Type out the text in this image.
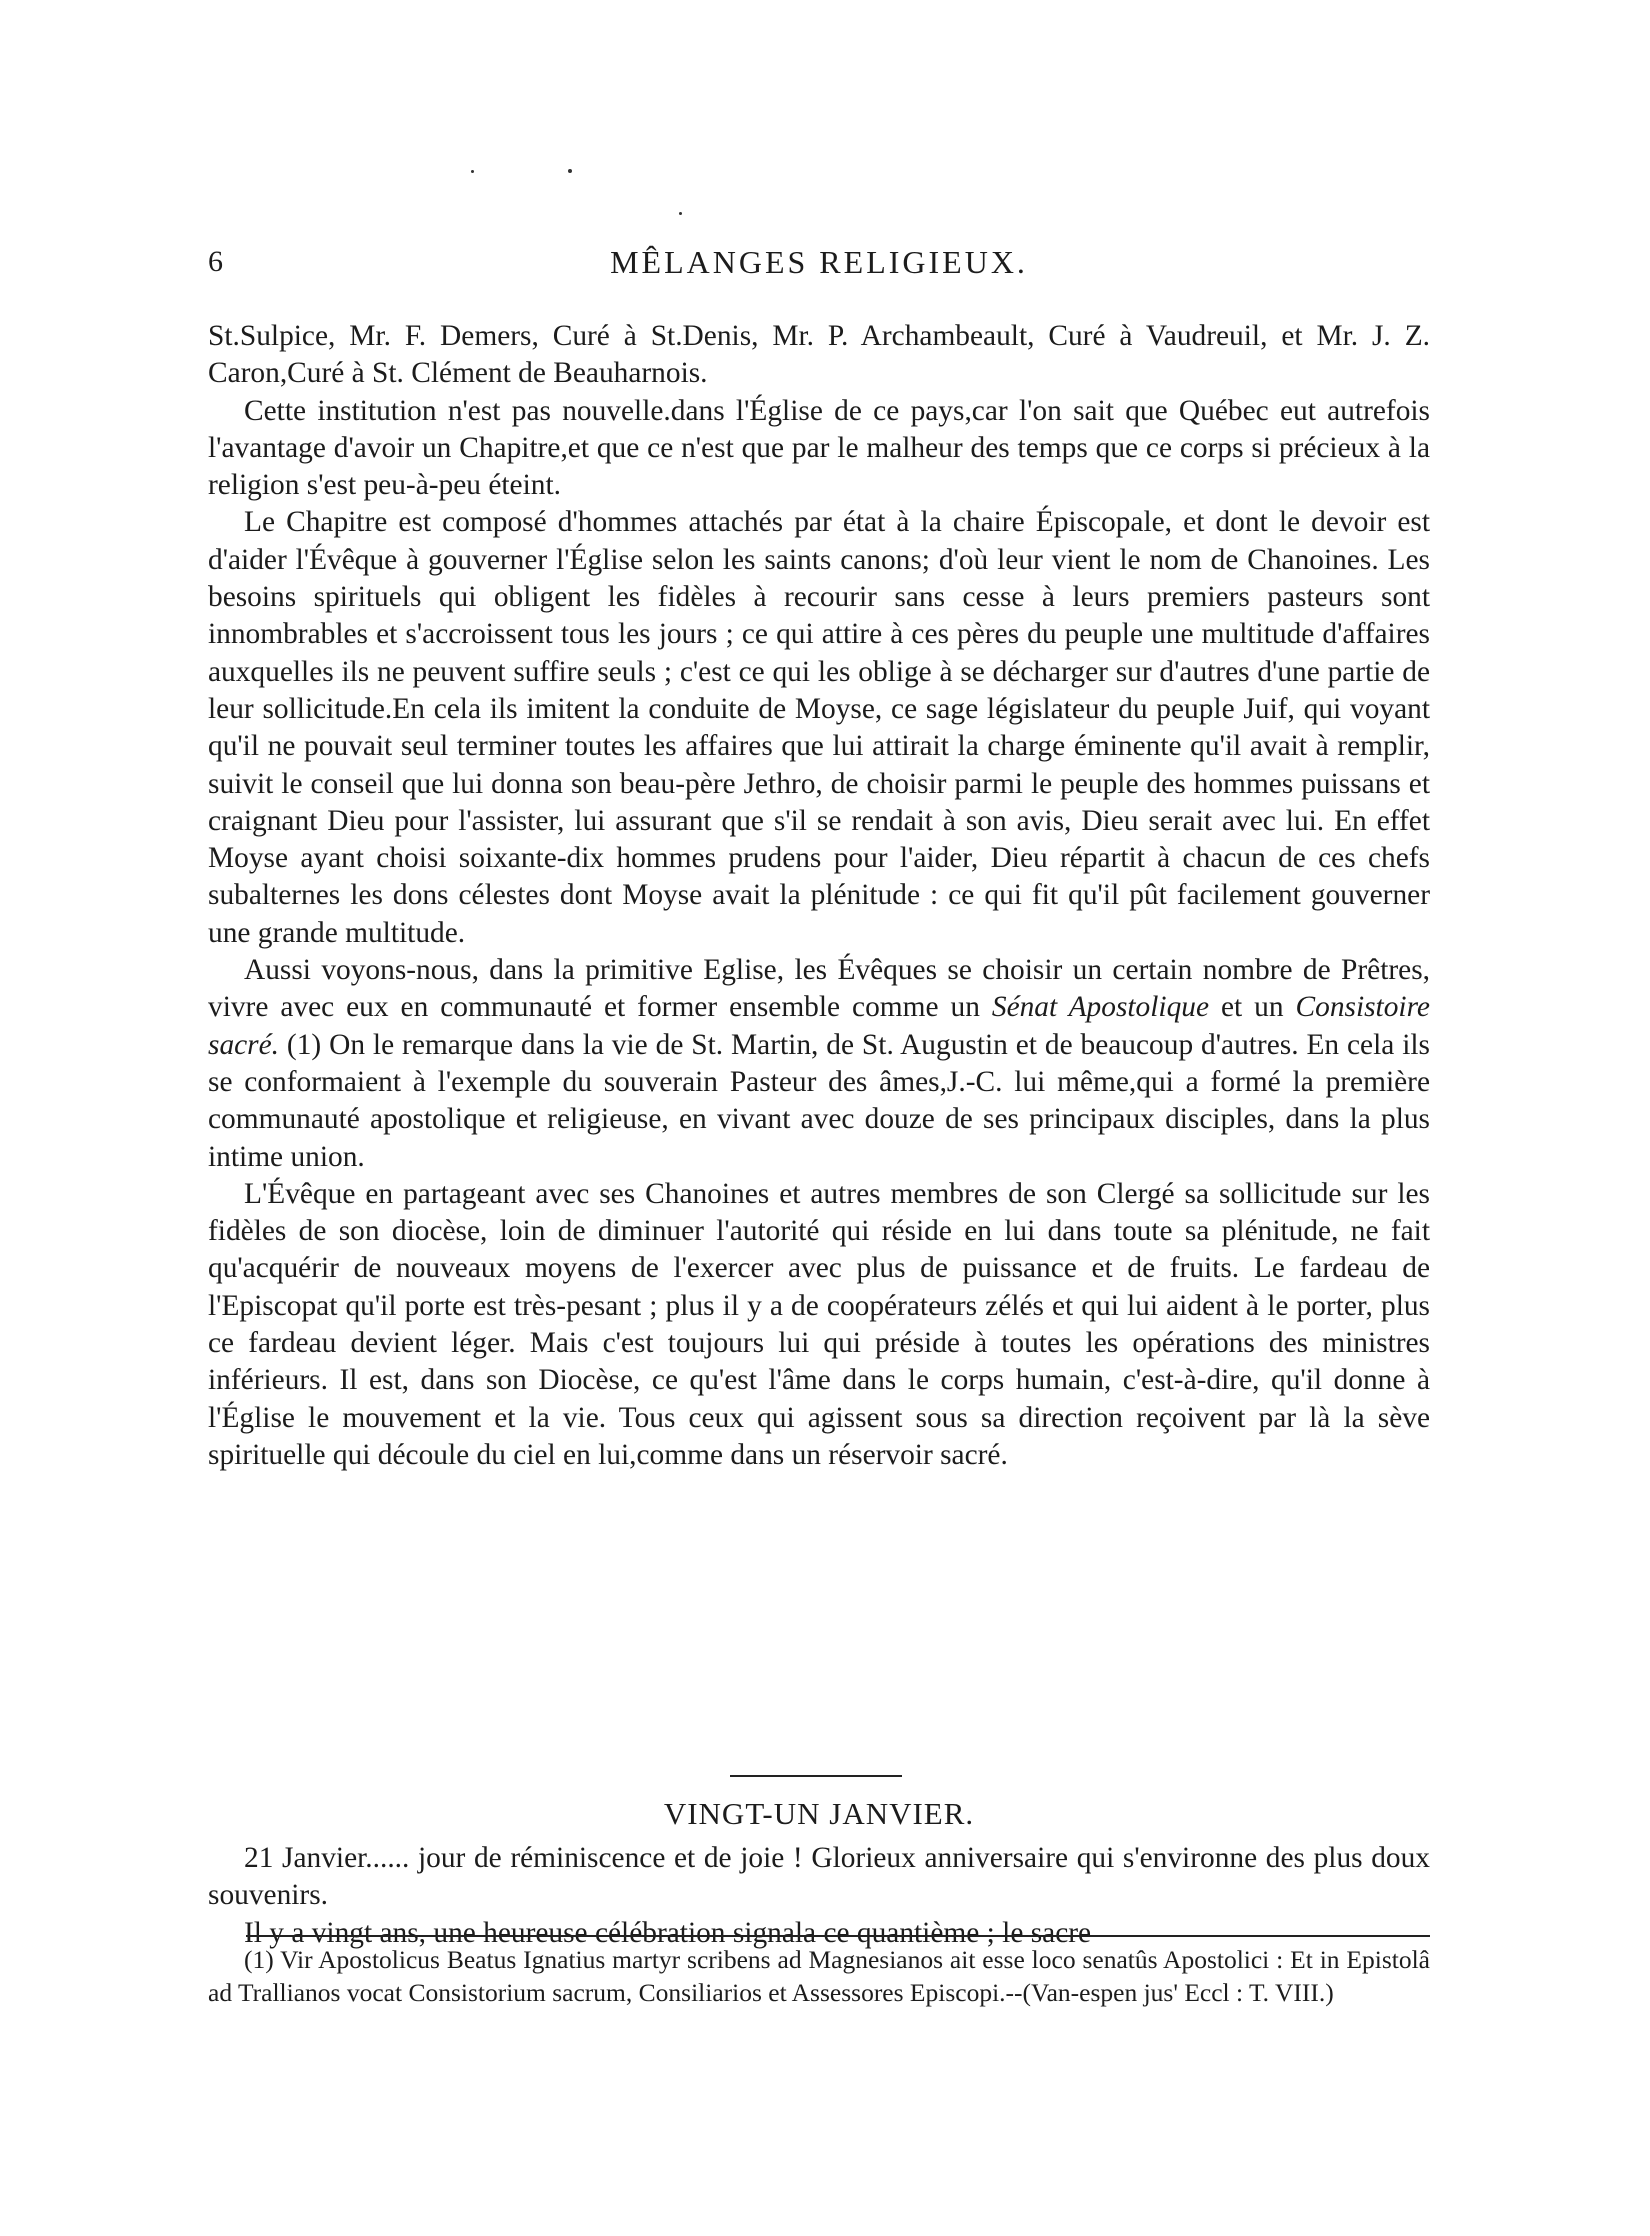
6	MÊLANGES RELIGIEUX.

St.Sulpice, Mr. F. Demers, Curé à St.Denis, Mr. P. Archambeault, Curé à Vaudreuil, et Mr. J. Z. Caron,Curé à St. Clément de Beauharnois.

Cette institution n'est pas nouvelle.dans l'Église de ce pays,car l'on sait que Québec eut autrefois l'avantage d'avoir un Chapitre,et que ce n'est que par le malheur des temps que ce corps si précieux à la religion s'est peu-à-peu éteint.

Le Chapitre est composé d'hommes attachés par état à la chaire Épiscopale, et dont le devoir est d'aider l'Évêque à gouverner l'Église selon les saints canons; d'où leur vient le nom de Chanoines. Les besoins spirituels qui obligent les fidèles à recourir sans cesse à leurs premiers pasteurs sont innombrables et s'accroissent tous les jours ; ce qui attire à ces pères du peuple une multitude d'affaires auxquelles ils ne peuvent suffire seuls ; c'est ce qui les oblige à se décharger sur d'autres d'une partie de leur sollicitude.En cela ils imitent la conduite de Moyse, ce sage législateur du peuple Juif, qui voyant qu'il ne pouvait seul terminer toutes les affaires que lui attirait la charge éminente qu'il avait à remplir, suivit le conseil que lui donna son beau-père Jethro, de choisir parmi le peuple des hommes puissans et craignant Dieu pour l'assister, lui assurant que s'il se rendait à son avis, Dieu serait avec lui. En effet Moyse ayant choisi soixante-dix hommes prudens pour l'aider, Dieu répartit à chacun de ces chefs subalternes les dons célestes dont Moyse avait la plénitude : ce qui fit qu'il pût facilement gouverner une grande multitude.

Aussi voyons-nous, dans la primitive Eglise, les Évêques se choisir un certain nombre de Prêtres, vivre avec eux en communauté et former ensemble comme un Sénat Apostolique et un Consistoire sacré. (1) On le remarque dans la vie de St. Martin, de St. Augustin et de beaucoup d'autres. En cela ils se conformaient à l'exemple du souverain Pasteur des âmes,J.-C. lui même,qui a formé la première communauté apostolique et religieuse, en vivant avec douze de ses principaux disciples, dans la plus intime union.

L'Évêque en partageant avec ses Chanoines et autres membres de son Clergé sa sollicitude sur les fidèles de son diocèse, loin de diminuer l'autorité qui réside en lui dans toute sa plénitude, ne fait qu'acquérir de nouveaux moyens de l'exercer avec plus de puissance et de fruits. Le fardeau de l'Episcopat qu'il porte est très-pesant ; plus il y a de coopérateurs zélés et qui lui aident à le porter, plus ce fardeau devient léger. Mais c'est toujours lui qui préside à toutes les opérations des ministres inférieurs. Il est, dans son Diocèse, ce qu'est l'âme dans le corps humain, c'est-à-dire, qu'il donne à l'Église le mouvement et la vie. Tous ceux qui agissent sous sa direction reçoivent par là la sève spirituelle qui découle du ciel en lui,comme dans un réservoir sacré.

VINGT-UN JANVIER.

21 Janvier...... jour de réminiscence et de joie ! Glorieux anniversaire qui s'environne des plus doux souvenirs.

Il y a vingt ans, une heureuse célébration signala ce quantième ; le sacre

(1) Vir Apostolicus Beatus Ignatius martyr scribens ad Magnesianos ait esse loco senatûs Apostolici : Et in Epistolâ ad Trallianos vocat Consistorium sacrum, Consiliarios et Assessores Episcopi.--(Van-espen jus' Eccl : T. VIII.)
